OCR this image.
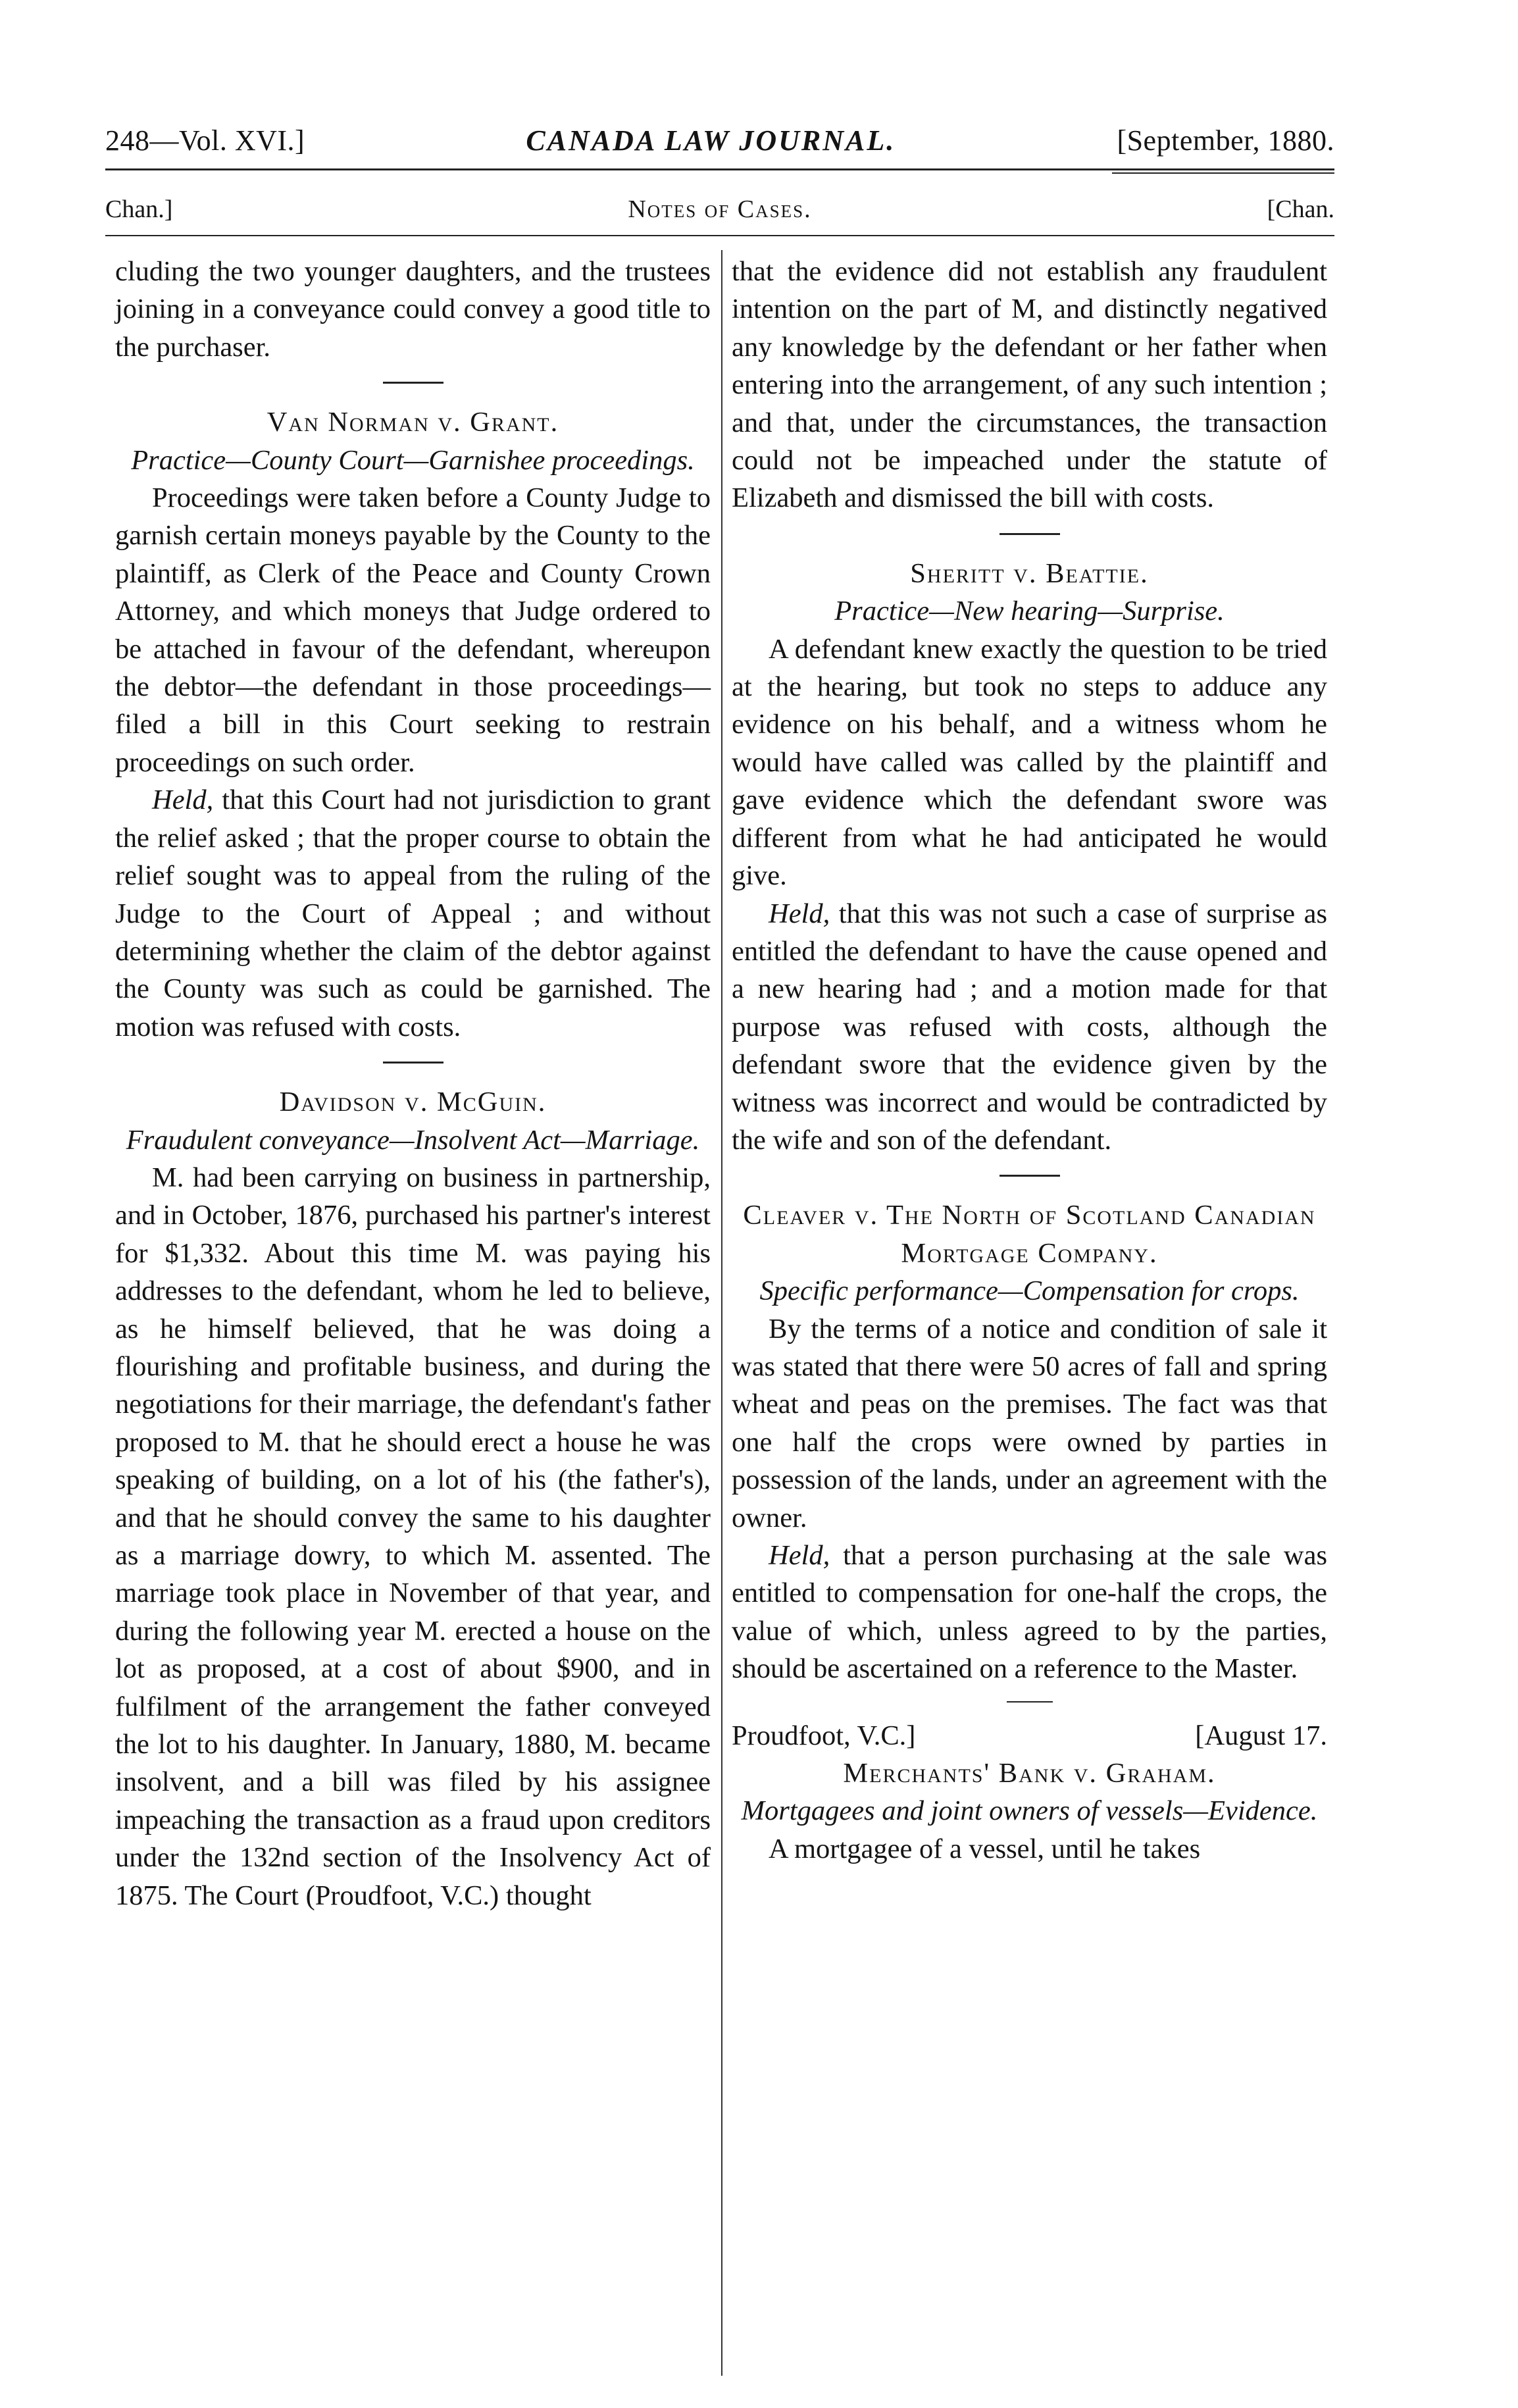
248—Vol. XVI.]	CANADA LAW JOURNAL.	[September, 1880.
Chan.]	Notes of Cases.	[Chan.

cluding the two younger daughters, and the trustees joining in a conveyance could convey a good title to the purchaser.

Van Norman v. Grant.

Practice—County Court—Garnishee proceedings.

Proceedings were taken before a County Judge to garnish certain moneys payable by the County to the plaintiff, as Clerk of the Peace and County Crown Attorney, and which moneys that Judge ordered to be attached in favour of the defendant, whereupon the debtor—the defendant in those proceedings—filed a bill in this Court seeking to restrain proceedings on such order.

Held, that this Court had not jurisdiction to grant the relief asked ; that the proper course to obtain the relief sought was to appeal from the ruling of the Judge to the Court of Appeal ; and without determining whether the claim of the debtor against the County was such as could be garnished. The motion was refused with costs.

Davidson v. McGuin.

Fraudulent conveyance—Insolvent Act—Marriage.

M. had been carrying on business in partnership, and in October, 1876, purchased his partner's interest for $1,332. About this time M. was paying his addresses to the defendant, whom he led to believe, as he himself believed, that he was doing a flourishing and profitable business, and during the negotiations for their marriage, the defendant's father proposed to M. that he should erect a house he was speaking of building, on a lot of his (the father's), and that he should convey the same to his daughter as a marriage dowry, to which M. assented. The marriage took place in November of that year, and during the following year M. erected a house on the lot as proposed, at a cost of about $900, and in fulfilment of the arrangement the father conveyed the lot to his daughter. In January, 1880, M. became insolvent, and a bill was filed by his assignee impeaching the transaction as a fraud upon creditors under the 132nd section of the Insolvency Act of 1875. The Court (Proudfoot, V.C.) thought

that the evidence did not establish any fraudulent intention on the part of M, and distinctly negatived any knowledge by the defendant or her father when entering into the arrangement, of any such intention ; and that, under the circumstances, the transaction could not be impeached under the statute of Elizabeth and dismissed the bill with costs.

Sheritt v. Beattie.

Practice—New hearing—Surprise.

A defendant knew exactly the question to be tried at the hearing, but took no steps to adduce any evidence on his behalf, and a witness whom he would have called was called by the plaintiff and gave evidence which the defendant swore was different from what he had anticipated he would give.

Held, that this was not such a case of surprise as entitled the defendant to have the cause opened and a new hearing had ; and a motion made for that purpose was refused with costs, although the defendant swore that the evidence given by the witness was incorrect and would be contradicted by the wife and son of the defendant.

Cleaver v. The North of Scotland Canadian Mortgage Company.

Specific performance—Compensation for crops.

By the terms of a notice and condition of sale it was stated that there were 50 acres of fall and spring wheat and peas on the premises. The fact was that one half the crops were owned by parties in possession of the lands, under an agreement with the owner.

Held, that a person purchasing at the sale was entitled to compensation for one-half the crops, the value of which, unless agreed to by the parties, should be ascertained on a reference to the Master.

Proudfoot, V.C.]	[August 17.

Merchants' Bank v. Graham.

Mortgagees and joint owners of vessels—Evidence.

A mortgagee of a vessel, until he takes
